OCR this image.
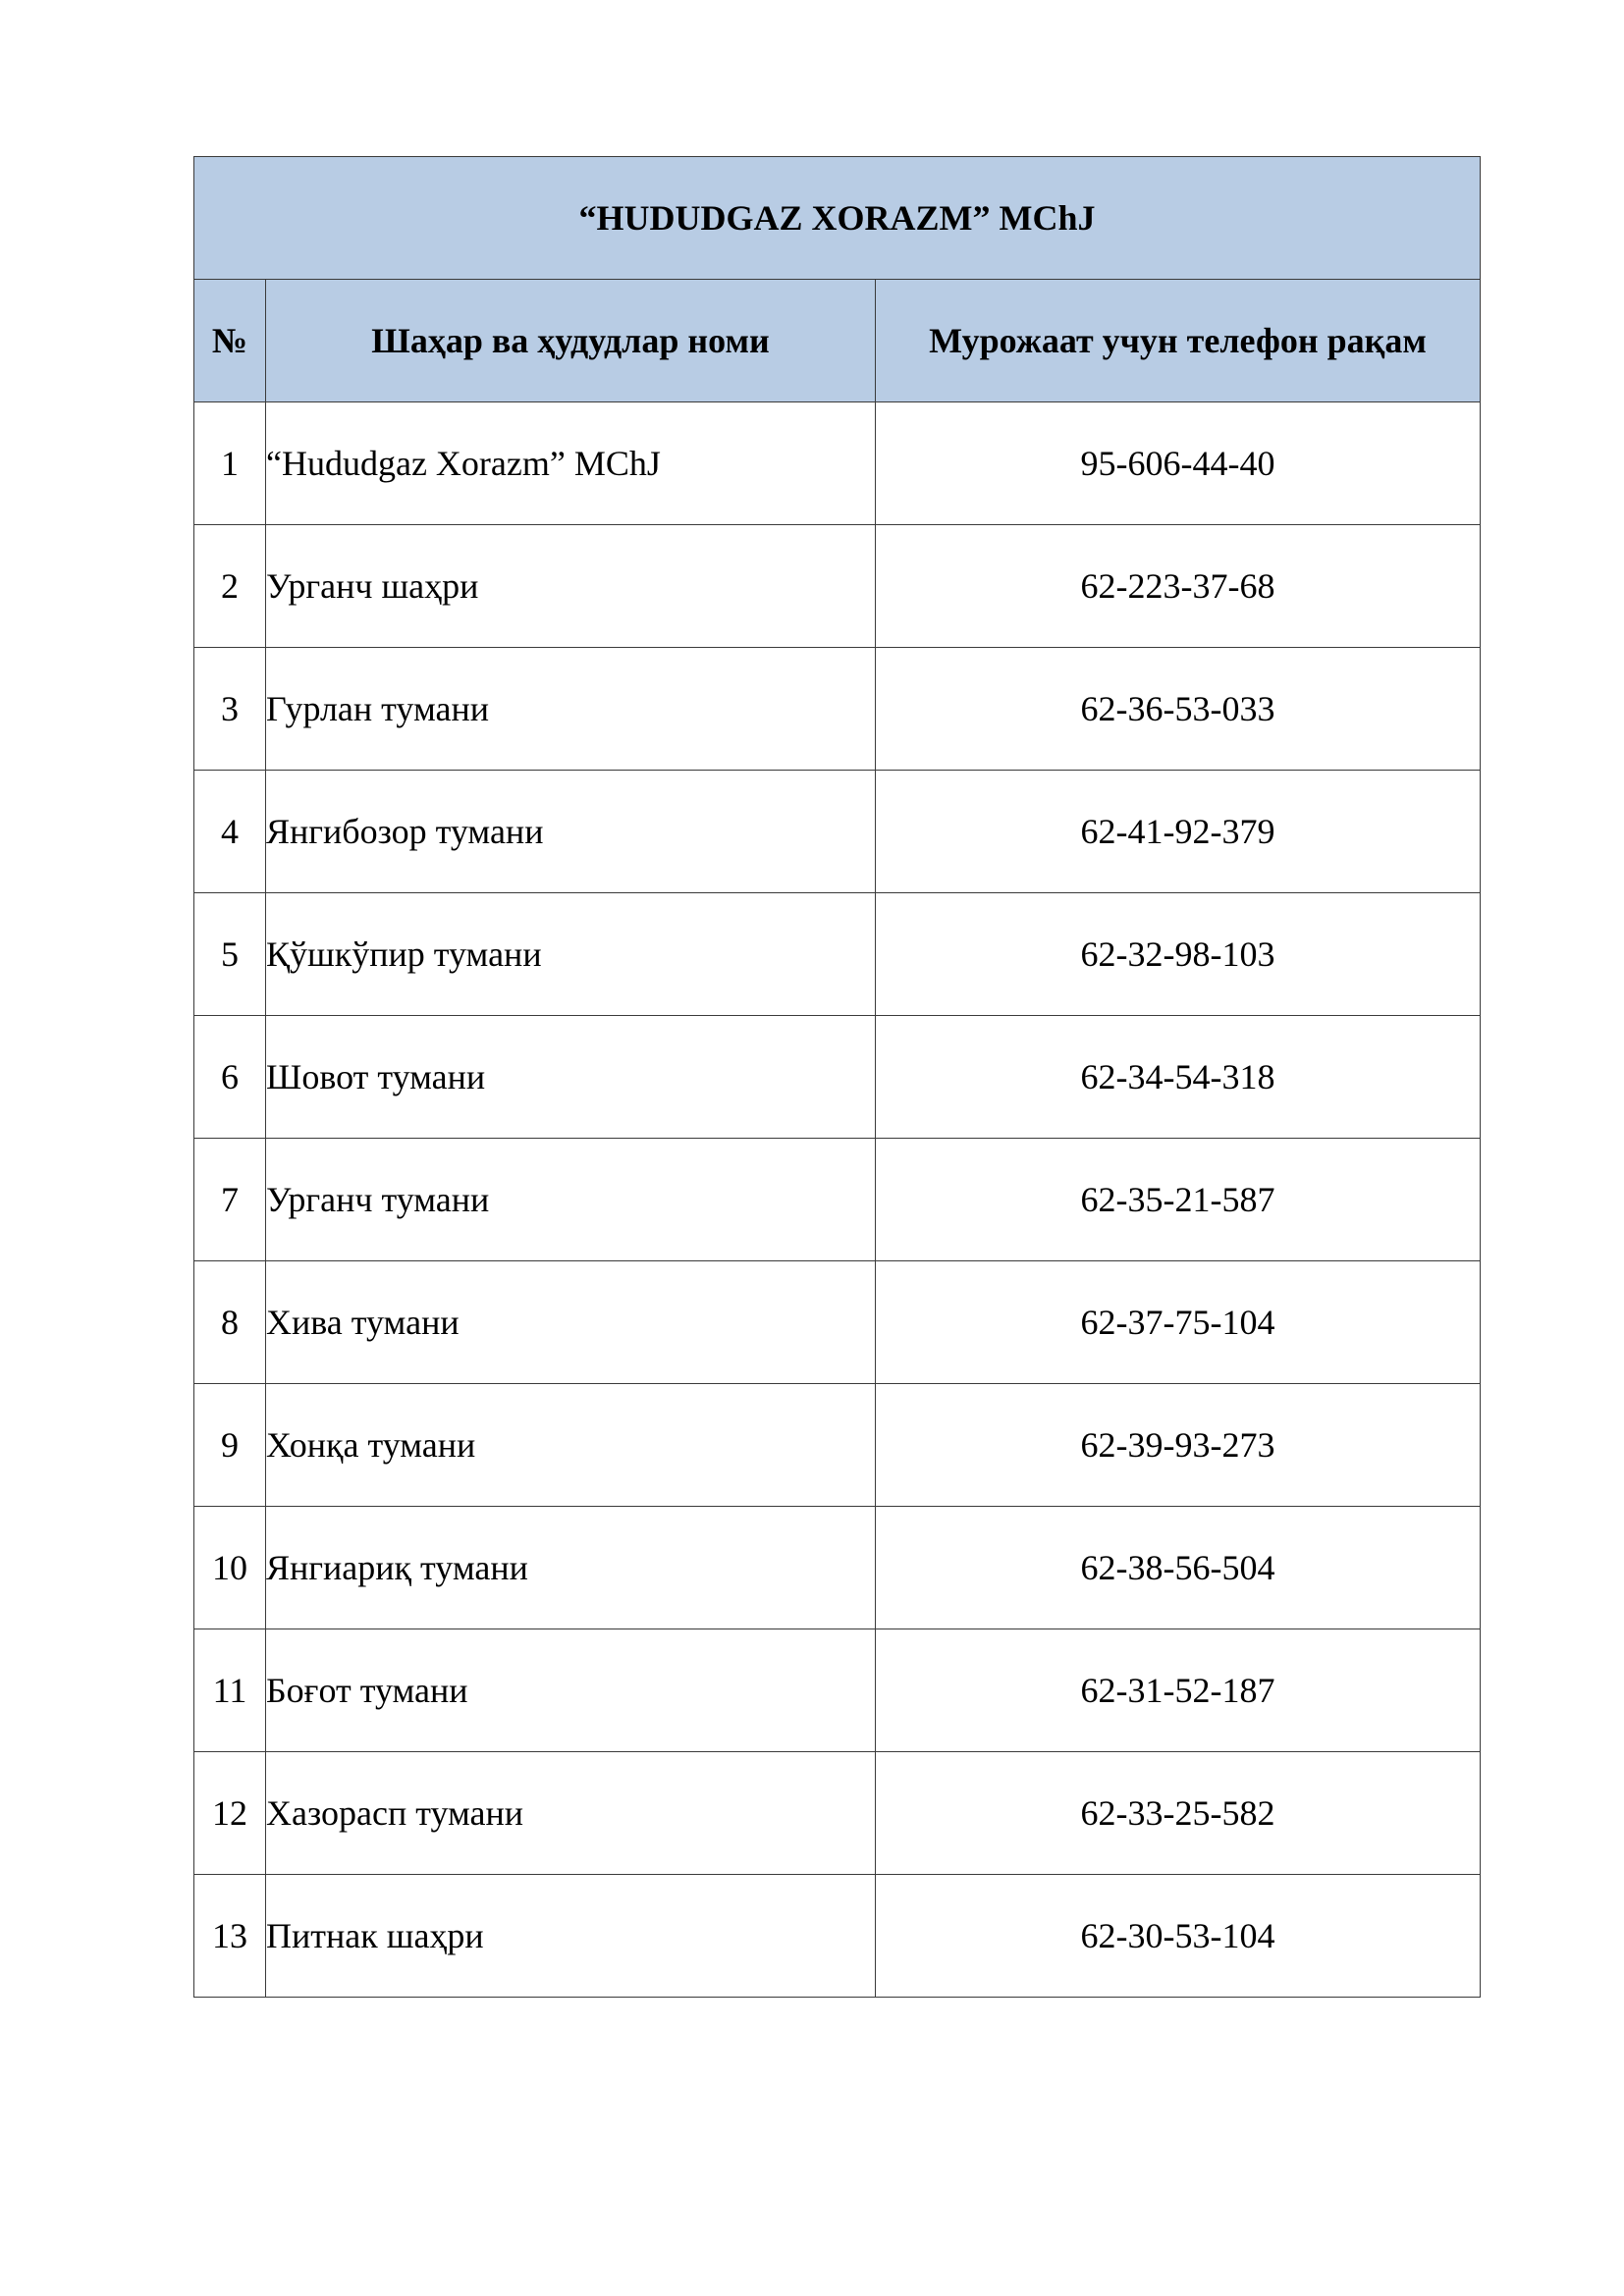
“HUDUDGAZ XORAZM” MChJ		
№	Шаҳар ва ҳудудлар номи	Мурожаат учун телефон рақам
1	“Hududgaz Xorazm” MChJ	95-606-44-40
2	Урганч шаҳри	62-223-37-68
3	Гурлан тумани	62-36-53-033
4	Янгибозор тумани	62-41-92-379
5	Қўшкўпир тумани	62-32-98-103
6	Шовот тумани	62-34-54-318
7	Урганч тумани	62-35-21-587
8	Хива тумани	62-37-75-104
9	Хонқа тумани	62-39-93-273
10	Янгиариқ тумани	62-38-56-504
11	Боғот тумани	62-31-52-187
12	Хазорасп тумани	62-33-25-582
13	Питнак шаҳри	62-30-53-104
